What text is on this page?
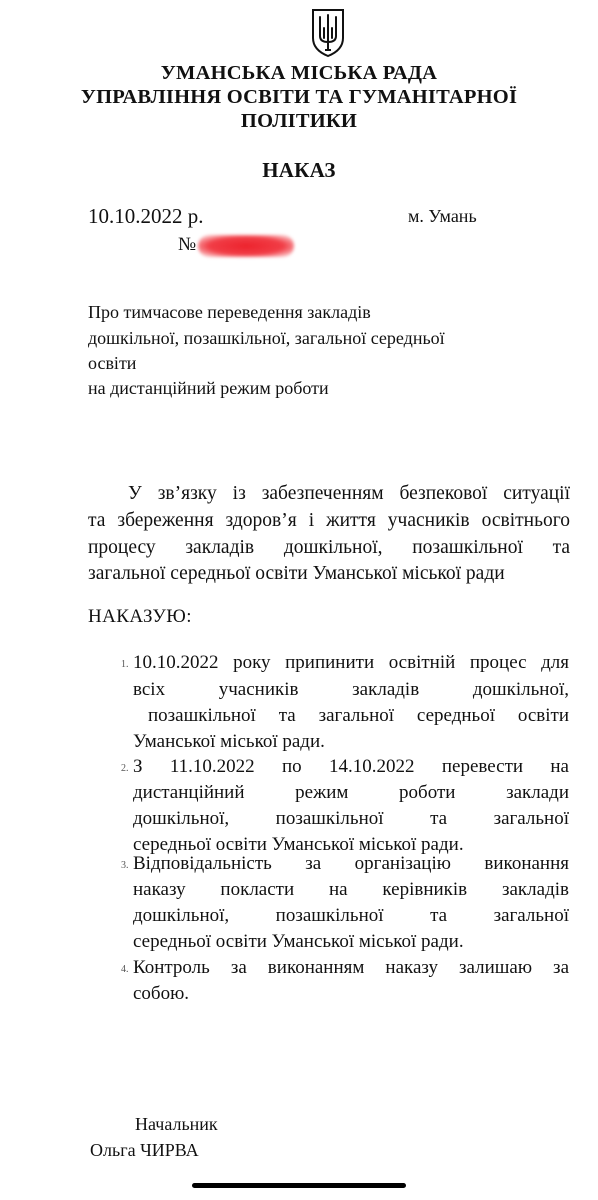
УМАНСЬКА МІСЬКА РАДА
УПРАВЛІННЯ ОСВІТИ ТА ГУМАНІТАРНОЇ
ПОЛІТИКИ
НАКАЗ
10.10.2022 р.	м. Умань
№
Про тимчасове переведення закладів
дошкільної, позашкільної, загальної середньої
освіти
на дистанційний режим роботи
У зв’язку із забезпеченням безпекової ситуації
та збереження здоров’я і життя учасників освітнього
процесу закладів дошкільної, позашкільної та
загальної середньої освіти Уманської міської ради
НАКАЗУЮ:
1. 10.10.2022 року припинити освітній процес для
всіх учасників закладів дошкільної,
позашкільної та загальної середньої освіти
Уманської міської ради.
2. З 11.10.2022 по 14.10.2022 перевести на
дистанційний режим роботи заклади
дошкільної, позашкільної та загальної
середньої освіти Уманської міської ради.
3. Відповідальність за організацію виконання
наказу покласти на керівників закладів
дошкільної, позашкільної та загальної
середньої освіти Уманської міської ради.
4. Контроль за виконанням наказу залишаю за
собою.
Начальник
Ольга ЧИРВА
